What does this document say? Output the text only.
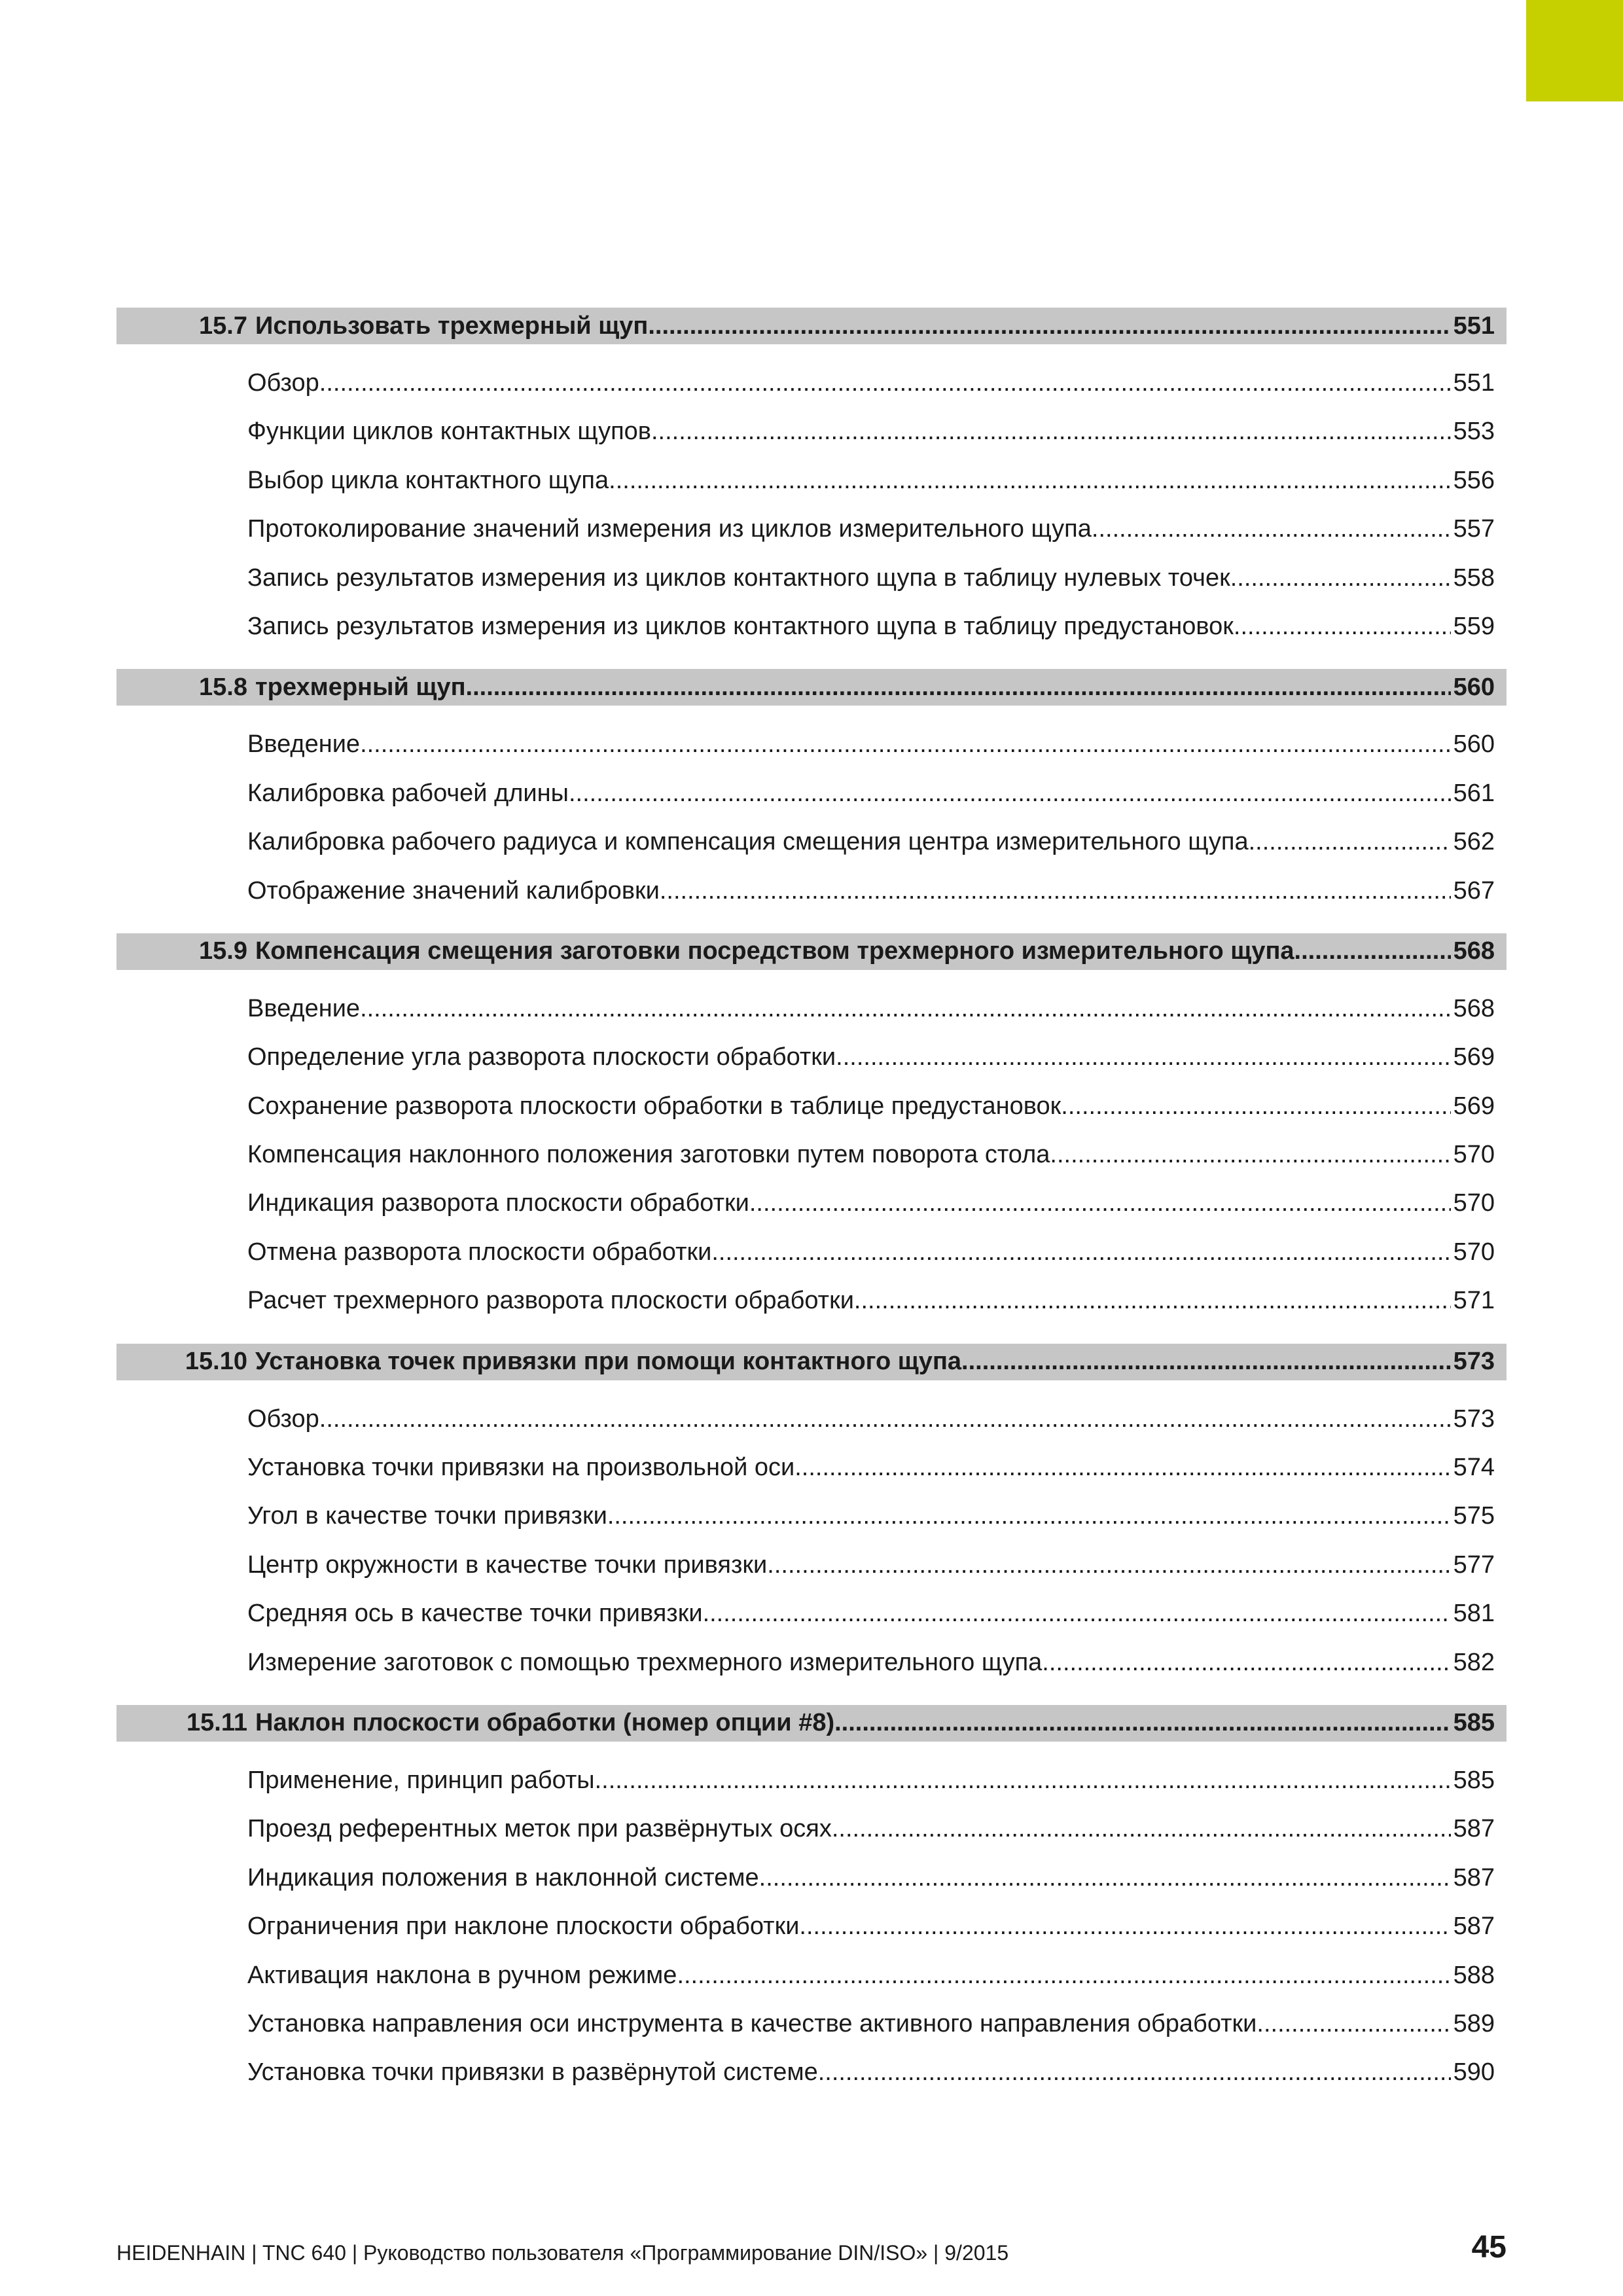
15.7 Использовать трехмерный щуп .....	551
Обзор .....	551
Функции циклов контактных щупов .....	553
Выбор цикла контактного щупа .....	556
Протоколирование значений измерения из циклов измерительного щупа .....	557
Запись результатов измерения из циклов контактного щупа в таблицу нулевых точек .....	558
Запись результатов измерения из циклов контактного щупа в таблицу предустановок .....	559
15.8 трехмерный щуп .....	560
Введение .....	560
Калибровка рабочей длины .....	561
Калибровка рабочего радиуса и компенсация смещения центра измерительного щупа .....	562
Отображение значений калибровки .....	567
15.9 Компенсация смещения заготовки посредством трехмерного измерительного щупа .....	568
Введение .....	568
Определение угла разворота плоскости обработки .....	569
Сохранение разворота плоскости обработки в таблице предустановок .....	569
Компенсация наклонного положения заготовки путем поворота стола .....	570
Индикация разворота плоскости обработки .....	570
Отмена разворота плоскости обработки .....	570
Расчет трехмерного разворота плоскости обработки .....	571
15.10 Установка точек привязки при помощи контактного щупа .....	573
Обзор .....	573
Установка точки привязки на произвольной оси .....	574
Угол в качестве точки привязки .....	575
Центр окружности в качестве точки привязки .....	577
Средняя ось в качестве точки привязки .....	581
Измерение заготовок с помощью трехмерного измерительного щупа .....	582
15.11 Наклон плоскости обработки (номер опции #8) .....	585
Применение, принцип работы .....	585
Проезд референтных меток при развёрнутых осях .....	587
Индикация положения в наклонной системе .....	587
Ограничения при наклоне плоскости обработки .....	587
Активация наклона в ручном режиме .....	588
Установка направления оси инструмента в качестве активного направления обработки .....	589
Установка точки привязки в развёрнутой системе .....	590
HEIDENHAIN | TNC 640 | Руководство пользователя «Программирование DIN/ISO» | 9/2015	45
